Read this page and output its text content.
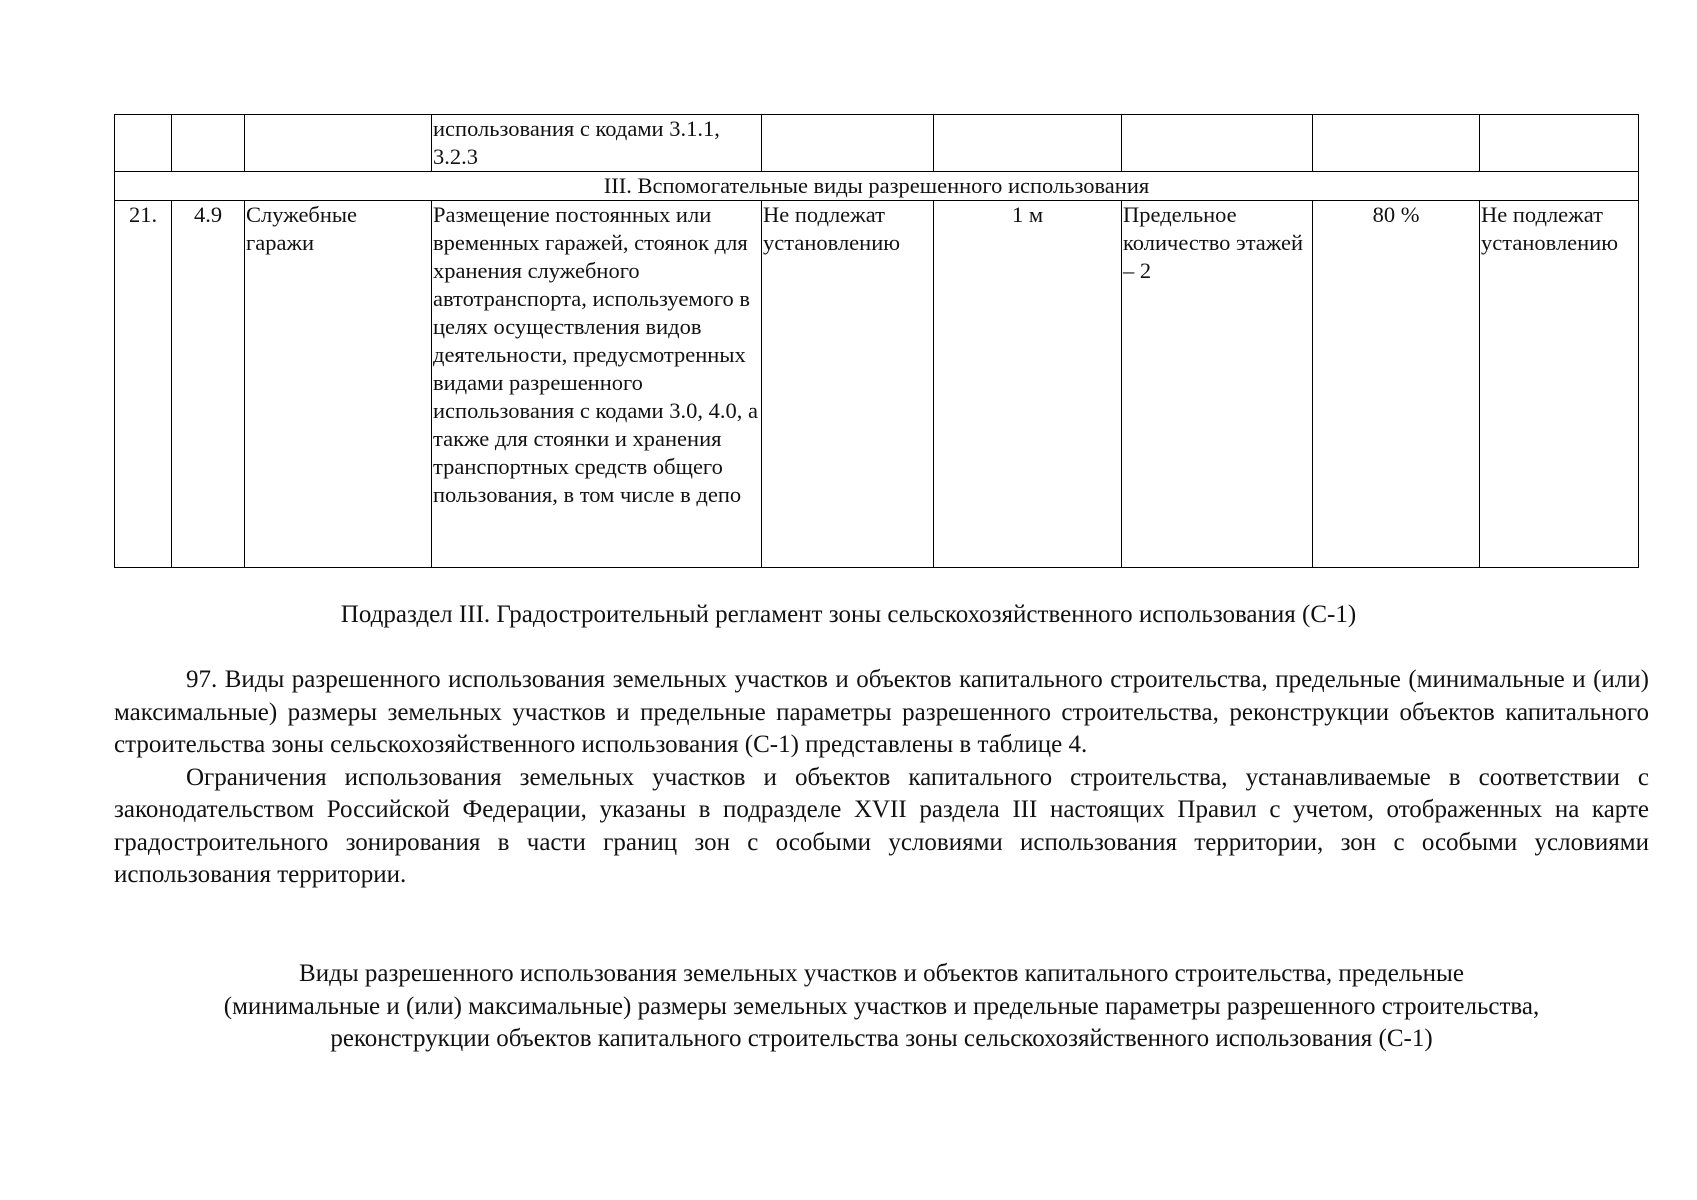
			использования с кодами 3.1.1, 3.2.3					
III. Вспомогательные виды разрешенного использования								
21.	4.9	Служебные гаражи	Размещение постоянных или временных гаражей, стоянок для хранения служебного автотранспорта, используемого в целях осуществления видов деятельности, предусмотренных видами разрешенного использования с кодами 3.0, 4.0, а также для стоянки и хранения транспортных средств общего пользования, в том числе в депо	Не подлежат установлению	1 м	Предельное количество этажей – 2	80 %	Не подлежат установлению
Подраздел III. Градостроительный регламент зоны сельскохозяйственного использования (С-1)

97. Виды разрешенного использования земельных участков и объектов капитального строительства, предельные (минимальные и (или) максимальные) размеры земельных участков и предельные параметры разрешенного строительства, реконструкции объектов капитального строительства зоны сельскохозяйственного использования (С-1) представлены в таблице 4.

Ограничения использования земельных участков и объектов капитального строительства, устанавливаемые в соответствии с законодательством Российской Федерации, указаны в подразделе XVII раздела III настоящих Правил с учетом, отображенных на карте градостроительного зонирования в части границ зон с особыми условиями использования территории, зон с особыми условиями использования территории.

Виды разрешенного использования земельных участков и объектов капитального строительства, предельные
(минимальные и (или) максимальные) размеры земельных участков и предельные параметры разрешенного строительства,
реконструкции объектов капитального строительства зоны сельскохозяйственного использования (С-1)
